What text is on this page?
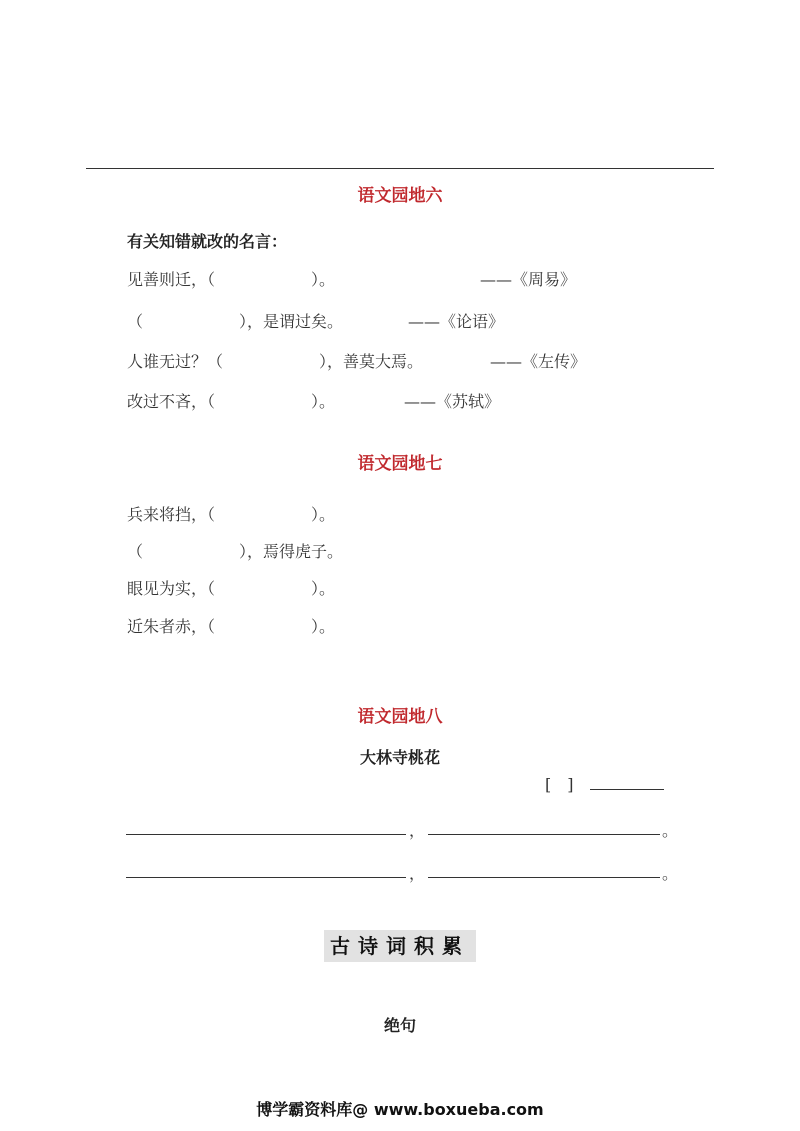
语文园地六
有关知错就改的名言：
见善则迁，（　　　　　　）。	——《周易》
（　　　　　　），是谓过矣。	——《论语》
人谁无过？（　　　　　　），善莫大焉。	——《左传》
改过不吝，（　　　　　　）。	——《苏轼》
语文园地七
兵来将挡，（　　　　　　）。
（　　　　　　），焉得虎子。
眼见为实，（　　　　　　）。
近朱者赤，（　　　　　　）。
语文园地八
大林寺桃花
[　]
，	。
，	。
古诗词积累
绝句
博学霸资料库@ www.boxueba.com
